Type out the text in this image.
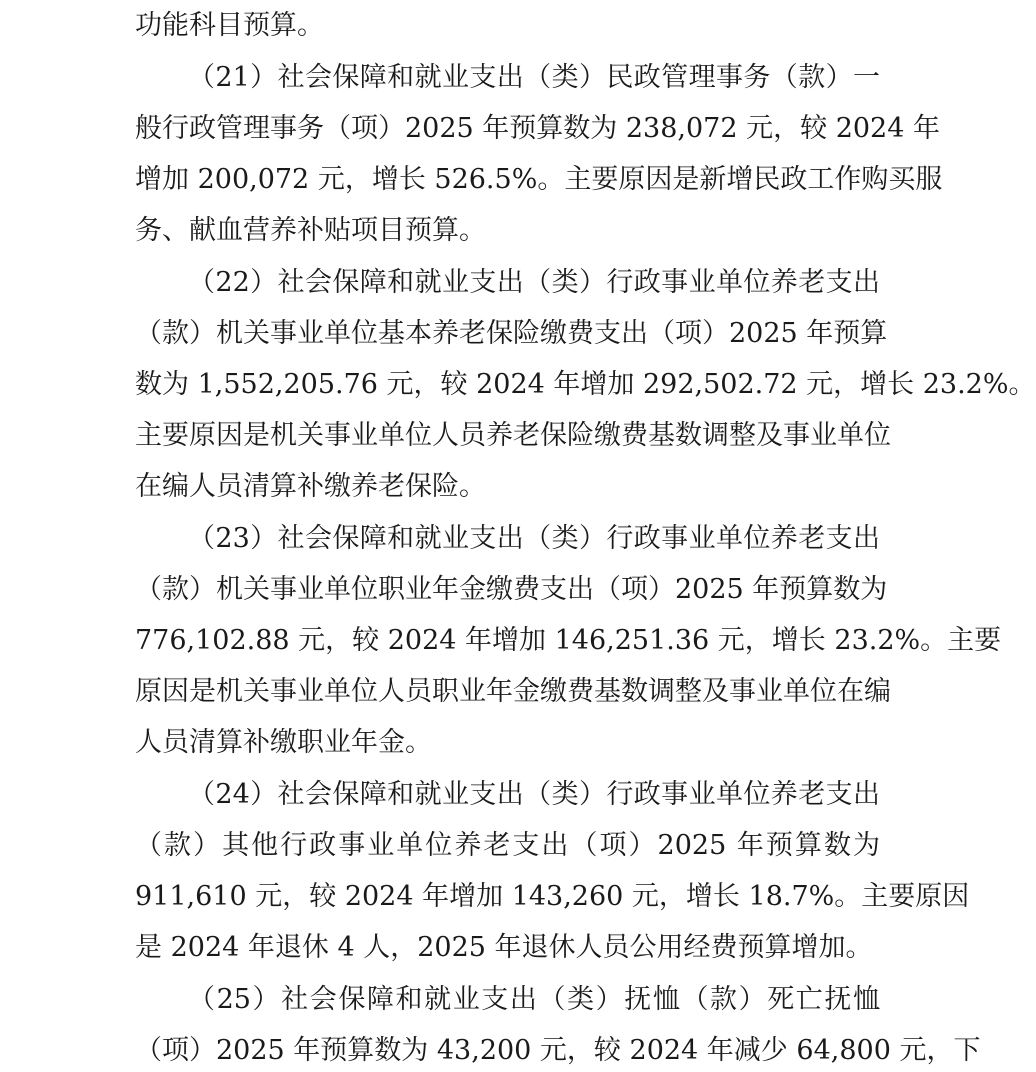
功能科目预算。
（21）社会保障和就业支出（类）民政管理事务（款）一
般行政管理事务（项）2025 年预算数为 238,072 元，较 2024 年
增加 200,072 元，增长 526.5%。主要原因是新增民政工作购买服
务、献血营养补贴项目预算。
（22）社会保障和就业支出（类）行政事业单位养老支出
（款）机关事业单位基本养老保险缴费支出（项）2025 年预算
数为 1,552,205.76 元，较 2024 年增加 292,502.72 元，增长 23.2%。
主要原因是机关事业单位人员养老保险缴费基数调整及事业单位
在编人员清算补缴养老保险。
（23）社会保障和就业支出（类）行政事业单位养老支出
（款）机关事业单位职业年金缴费支出（项）2025 年预算数为
776,102.88 元，较 2024 年增加 146,251.36 元，增长 23.2%。主要
原因是机关事业单位人员职业年金缴费基数调整及事业单位在编
人员清算补缴职业年金。
（24）社会保障和就业支出（类）行政事业单位养老支出
（款）其他行政事业单位养老支出（项）2025 年预算数为
911,610 元，较 2024 年增加 143,260 元，增长 18.7%。主要原因
是 2024 年退休 4 人，2025 年退休人员公用经费预算增加。
（25）社会保障和就业支出（类）抚恤（款）死亡抚恤
（项）2025 年预算数为 43,200 元，较 2024 年减少 64,800 元，下
